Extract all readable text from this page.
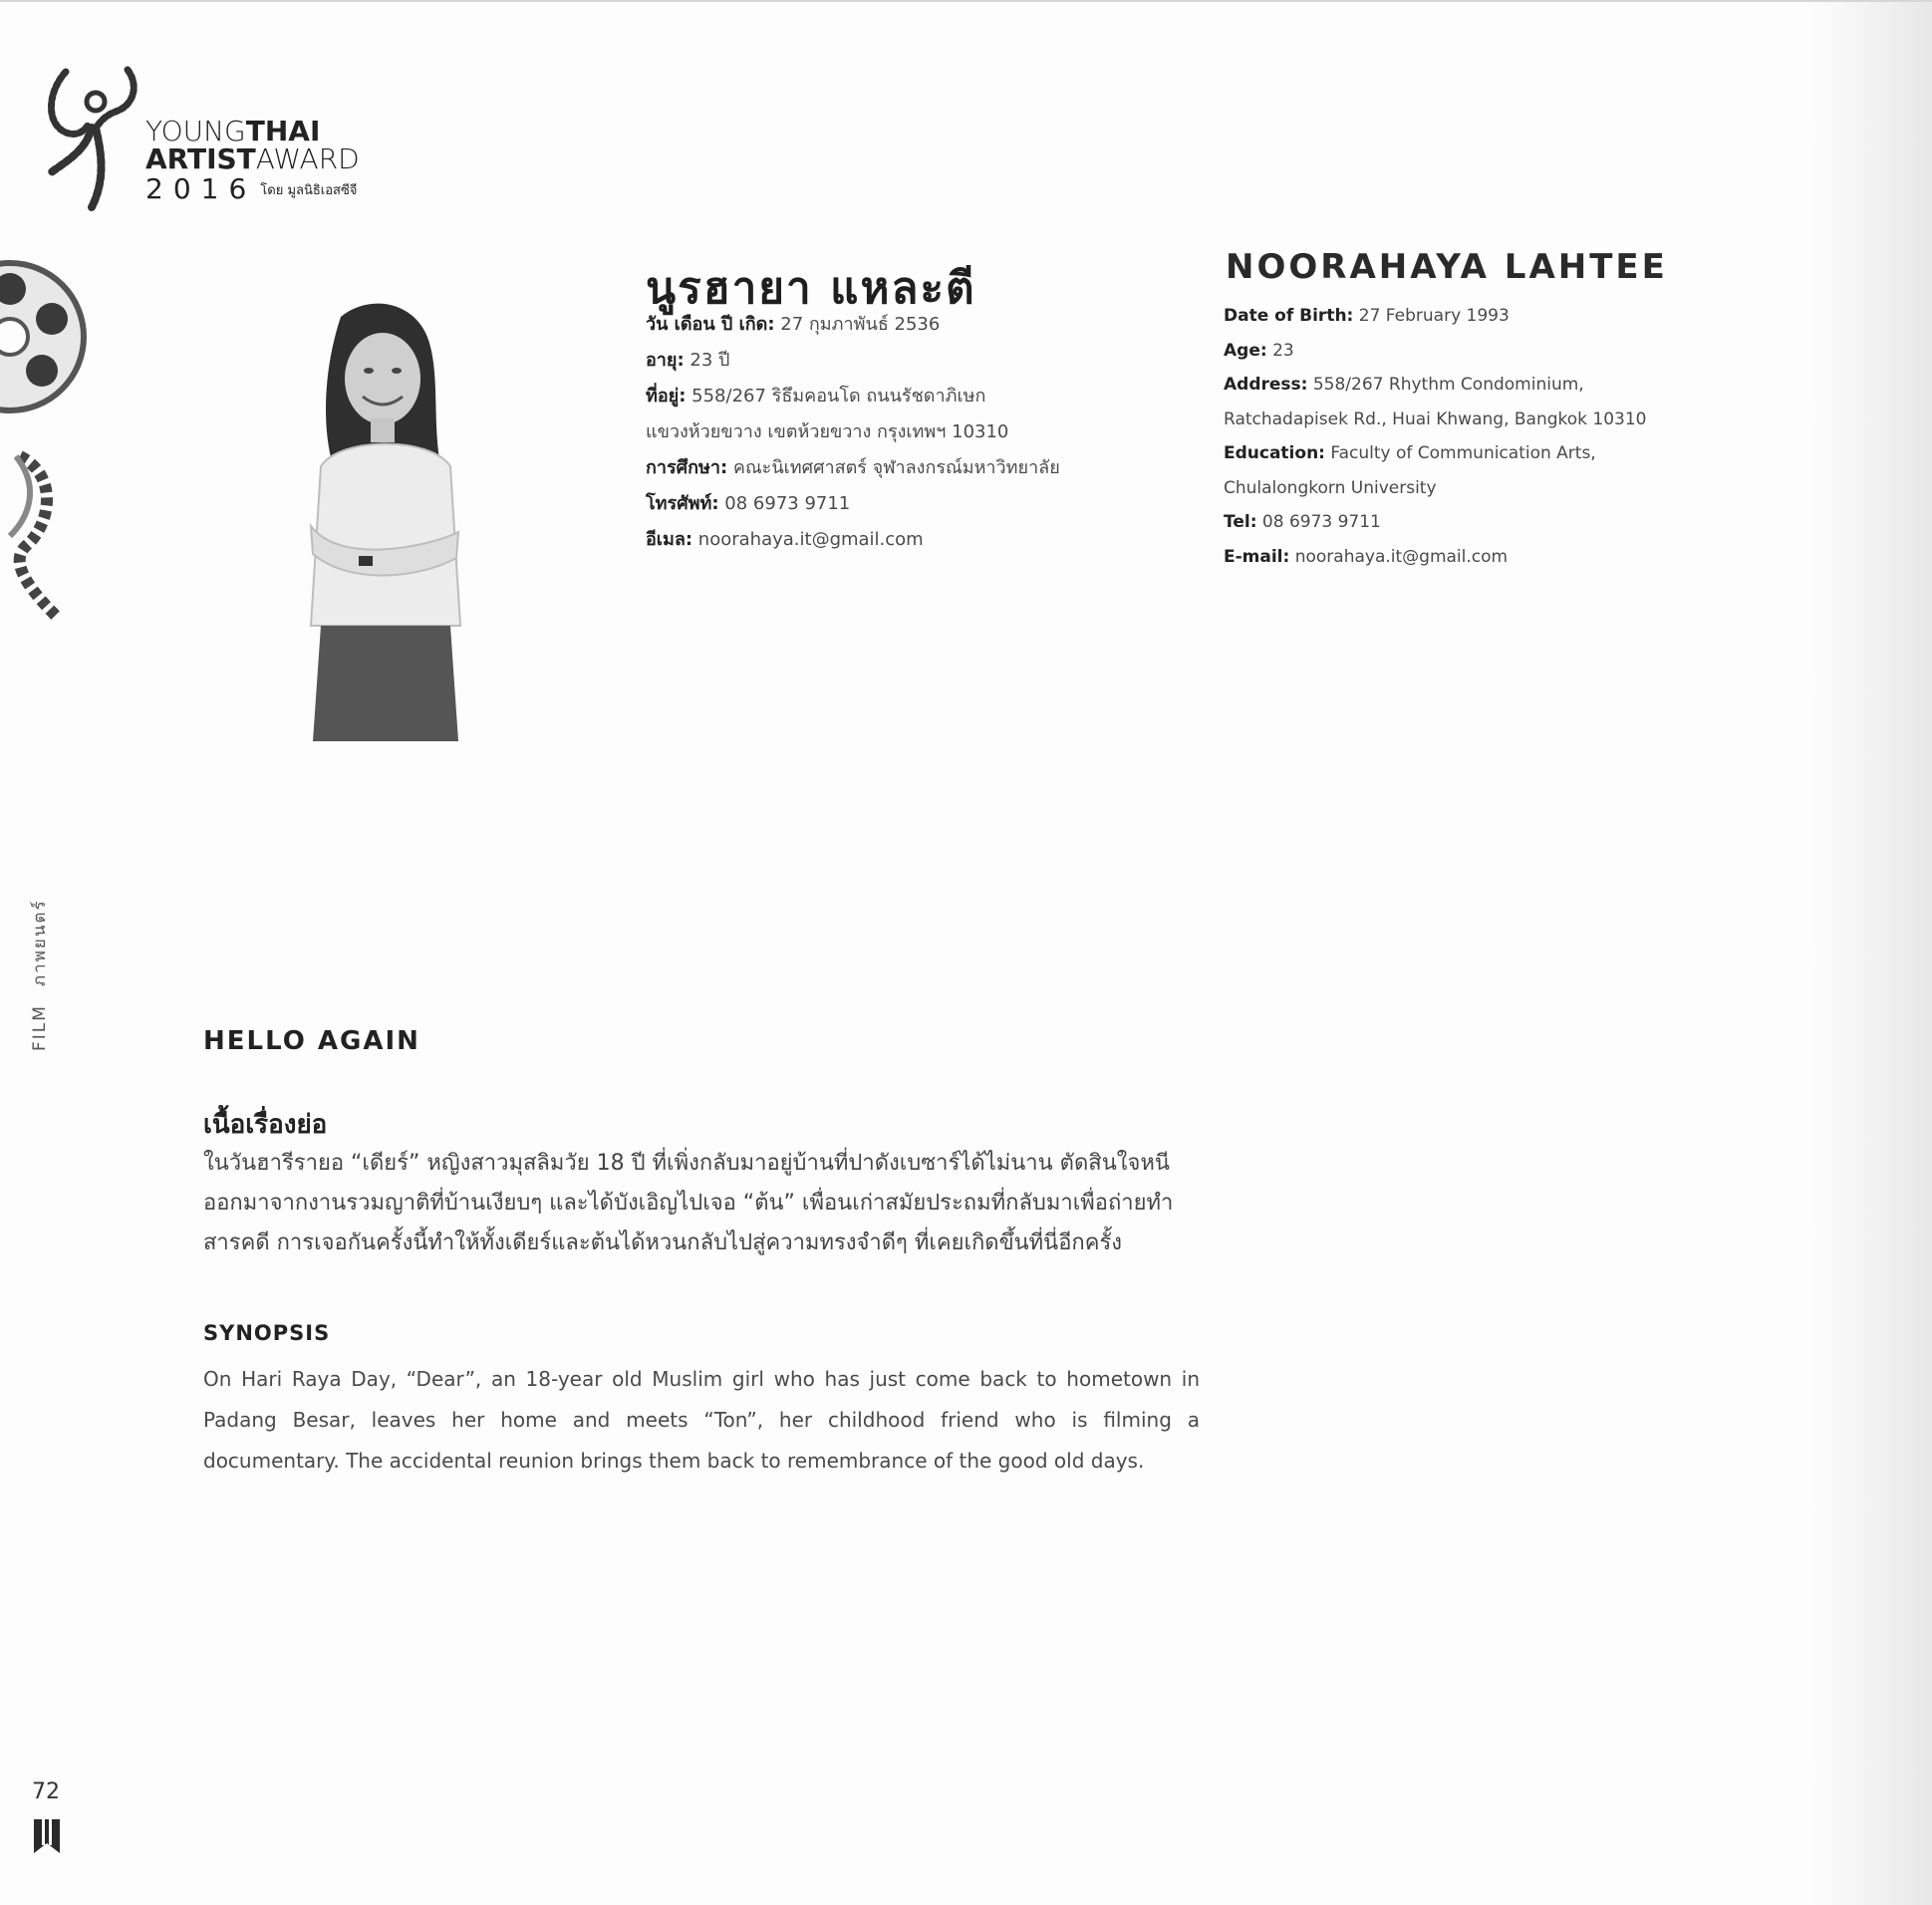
YOUNGTHAI
ARTISTAWARD
2016 โดย มูลนิธิเอสซีจี
FILMภาพยนตร์
นูรฮายา แหละตี
วัน เดือน ปี เกิด: 27 กุมภาพันธ์ 2536
อายุ: 23 ปี
ที่อยู่: 558/267 ริธึมคอนโด ถนนรัชดาภิเษก
แขวงห้วยขวาง เขตห้วยขวาง กรุงเทพฯ 10310
การศึกษา: คณะนิเทศศาสตร์ จุฬาลงกรณ์มหาวิทยาลัย
โทรศัพท์: 08 6973 9711
อีเมล: noorahaya.it@gmail.com
NOORAHAYA LAHTEE
Date of Birth: 27 February 1993
Age: 23
Address: 558/267 Rhythm Condominium,
Ratchadapisek Rd., Huai Khwang, Bangkok 10310
Education: Faculty of Communication Arts,
Chulalongkorn University
Tel: 08 6973 9711
E-mail: noorahaya.it@gmail.com
HELLO AGAIN
เนื้อเรื่องย่อ
ในวันฮารีรายอ “เดียร์” หญิงสาวมุสลิมวัย 18 ปี ที่เพิ่งกลับมาอยู่บ้านที่ปาดังเบซาร์ได้ไม่นาน ตัดสินใจหนีออกมาจากงานรวมญาติที่บ้านเงียบๆ และได้บังเอิญไปเจอ “ต้น” เพื่อนเก่าสมัยประถมที่กลับมาเพื่อถ่ายทำสารคดี การเจอกันครั้งนี้ทำให้ทั้งเดียร์และต้นได้หวนกลับไปสู่ความทรงจำดีๆ ที่เคยเกิดขึ้นที่นี่อีกครั้ง
SYNOPSIS
On Hari Raya Day, “Dear”, an 18-year old Muslim girl who has just come back to hometown in Padang Besar, leaves her home and meets “Ton”, her childhood friend who is filming a documentary. The accidental reunion brings them back to remembrance of the good old days.
72
